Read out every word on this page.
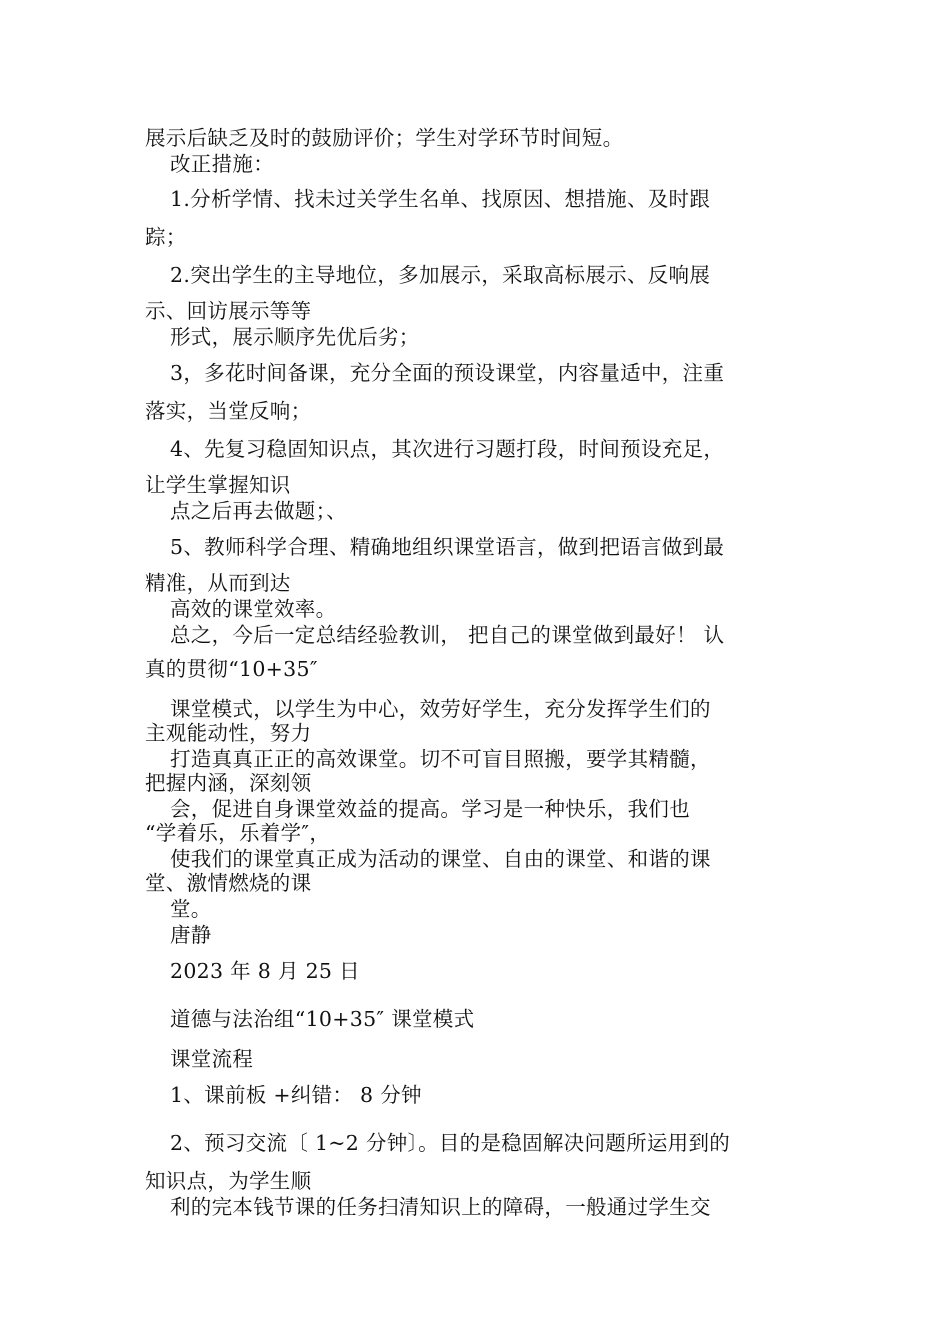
展示后缺乏及时的鼓励评价；学生对学环节时间短。
改正措施：
1.分析学情、找未过关学生名单、找原因、想措施、及时跟
踪；
2.突出学生的主导地位，多加展示，采取高标展示、反响展
示、回访展示等等
形式，展示顺序先优后劣；
3，多花时间备课，充分全面的预设课堂，内容量适中，注重
落实，当堂反响；
4、先复习稳固知识点，其次进行习题打段，时间预设充足，
让学生掌握知识
点之后再去做题；、
5、教师科学合理、精确地组织课堂语言，做到把语言做到最
精准，从而到达
高效的课堂效率。
总之，今后一定总结经验教训， 把自己的课堂做到最好！ 认
真的贯彻“10+35″
课堂模式，以学生为中心，效劳好学生，充分发挥学生们的
主观能动性，努力
打造真真正正的高效课堂。切不可盲目照搬，要学其精髓，
把握内涵，深刻领
会，促进自身课堂效益的提高。学习是一种快乐，我们也
“学着乐，乐着学″，
使我们的课堂真正成为活动的课堂、自由的课堂、和谐的课
堂、激情燃烧的课
堂。
唐静
2023 年 8 月 25 日
道德与法治组“10+35″ 课堂模式
课堂流程
1、课前板 +纠错： 8 分钟
2、预习交流〔 1~2 分钟〕。目的是稳固解决问题所运用到的
知识点，为学生顺
利的完本钱节课的任务扫清知识上的障碍，一般通过学生交
